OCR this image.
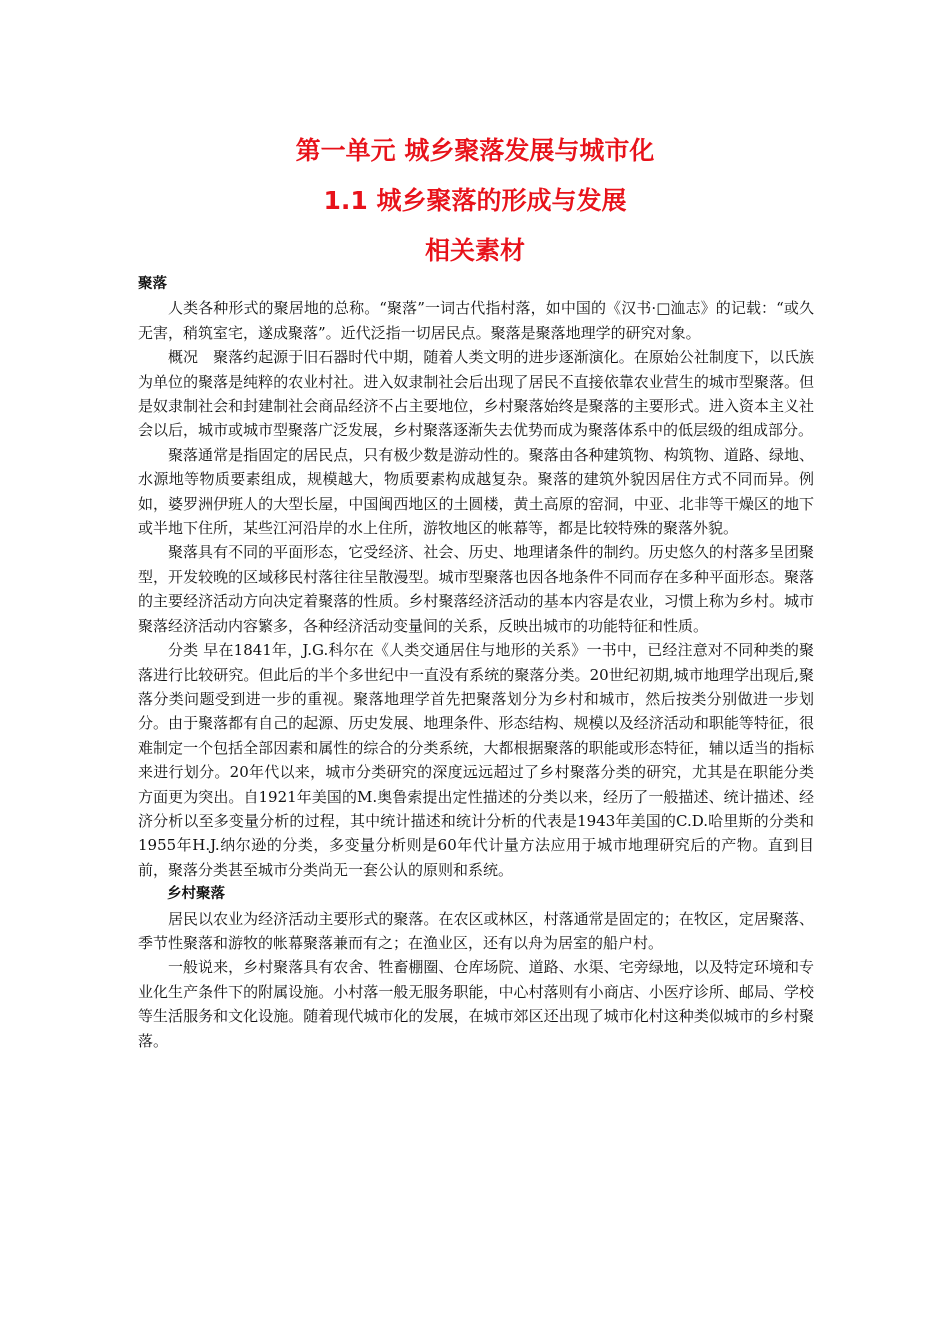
第一单元 城乡聚落发展与城市化
1.1 城乡聚落的形成与发展
相关素材

聚落

人类各种形式的聚居地的总称。“聚落”一词古代指村落，如中国的《汉书·□洫志》的记载：“或久无害，稍筑室宅，遂成聚落”。近代泛指一切居民点。聚落是聚落地理学的研究对象。

概况　聚落约起源于旧石器时代中期，随着人类文明的进步逐渐演化。在原始公社制度下，以氏族为单位的聚落是纯粹的农业村社。进入奴隶制社会后出现了居民不直接依靠农业营生的城市型聚落。但是奴隶制社会和封建制社会商品经济不占主要地位，乡村聚落始终是聚落的主要形式。进入资本主义社会以后，城市或城市型聚落广泛发展，乡村聚落逐渐失去优势而成为聚落体系中的低层级的组成部分。

聚落通常是指固定的居民点，只有极少数是游动性的。聚落由各种建筑物、构筑物、道路、绿地、水源地等物质要素组成，规模越大，物质要素构成越复杂。聚落的建筑外貌因居住方式不同而异。例如，婆罗洲伊班人的大型长屋，中国闽西地区的土圆楼，黄土高原的窑洞，中亚、北非等干燥区的地下或半地下住所，某些江河沿岸的水上住所，游牧地区的帐幕等，都是比较特殊的聚落外貌。

聚落具有不同的平面形态，它受经济、社会、历史、地理诸条件的制约。历史悠久的村落多呈团聚型，开发较晚的区域移民村落往往呈散漫型。城市型聚落也因各地条件不同而存在多种平面形态。聚落的主要经济活动方向决定着聚落的性质。乡村聚落经济活动的基本内容是农业，习惯上称为乡村。城市聚落经济活动内容繁多，各种经济活动变量间的关系，反映出城市的功能特征和性质。

分类 早在1841年，J.G.科尔在《人类交通居住与地形的关系》一书中，已经注意对不同种类的聚落进行比较研究。但此后的半个多世纪中一直没有系统的聚落分类。20世纪初期,城市地理学出现后,聚落分类问题受到进一步的重视。聚落地理学首先把聚落划分为乡村和城市，然后按类分别做进一步划分。由于聚落都有自己的起源、历史发展、地理条件、形态结构、规模以及经济活动和职能等特征，很难制定一个包括全部因素和属性的综合的分类系统，大都根据聚落的职能或形态特征，辅以适当的指标来进行划分。20年代以来，城市分类研究的深度远远超过了乡村聚落分类的研究，尤其是在职能分类方面更为突出。自1921年美国的M.奥鲁索提出定性描述的分类以来，经历了一般描述、统计描述、经济分析以至多变量分析的过程，其中统计描述和统计分析的代表是1943年美国的C.D.哈里斯的分类和1955年H.J.纳尔逊的分类，多变量分析则是60年代计量方法应用于城市地理研究后的产物。直到目前，聚落分类甚至城市分类尚无一套公认的原则和系统。

乡村聚落

居民以农业为经济活动主要形式的聚落。在农区或林区，村落通常是固定的；在牧区，定居聚落、季节性聚落和游牧的帐幕聚落兼而有之；在渔业区，还有以舟为居室的船户村。

一般说来，乡村聚落具有农舍、牲畜棚圈、仓库场院、道路、水渠、宅旁绿地，以及特定环境和专业化生产条件下的附属设施。小村落一般无服务职能，中心村落则有小商店、小医疗诊所、邮局、学校等生活服务和文化设施。随着现代城市化的发展，在城市郊区还出现了城市化村这种类似城市的乡村聚落。
